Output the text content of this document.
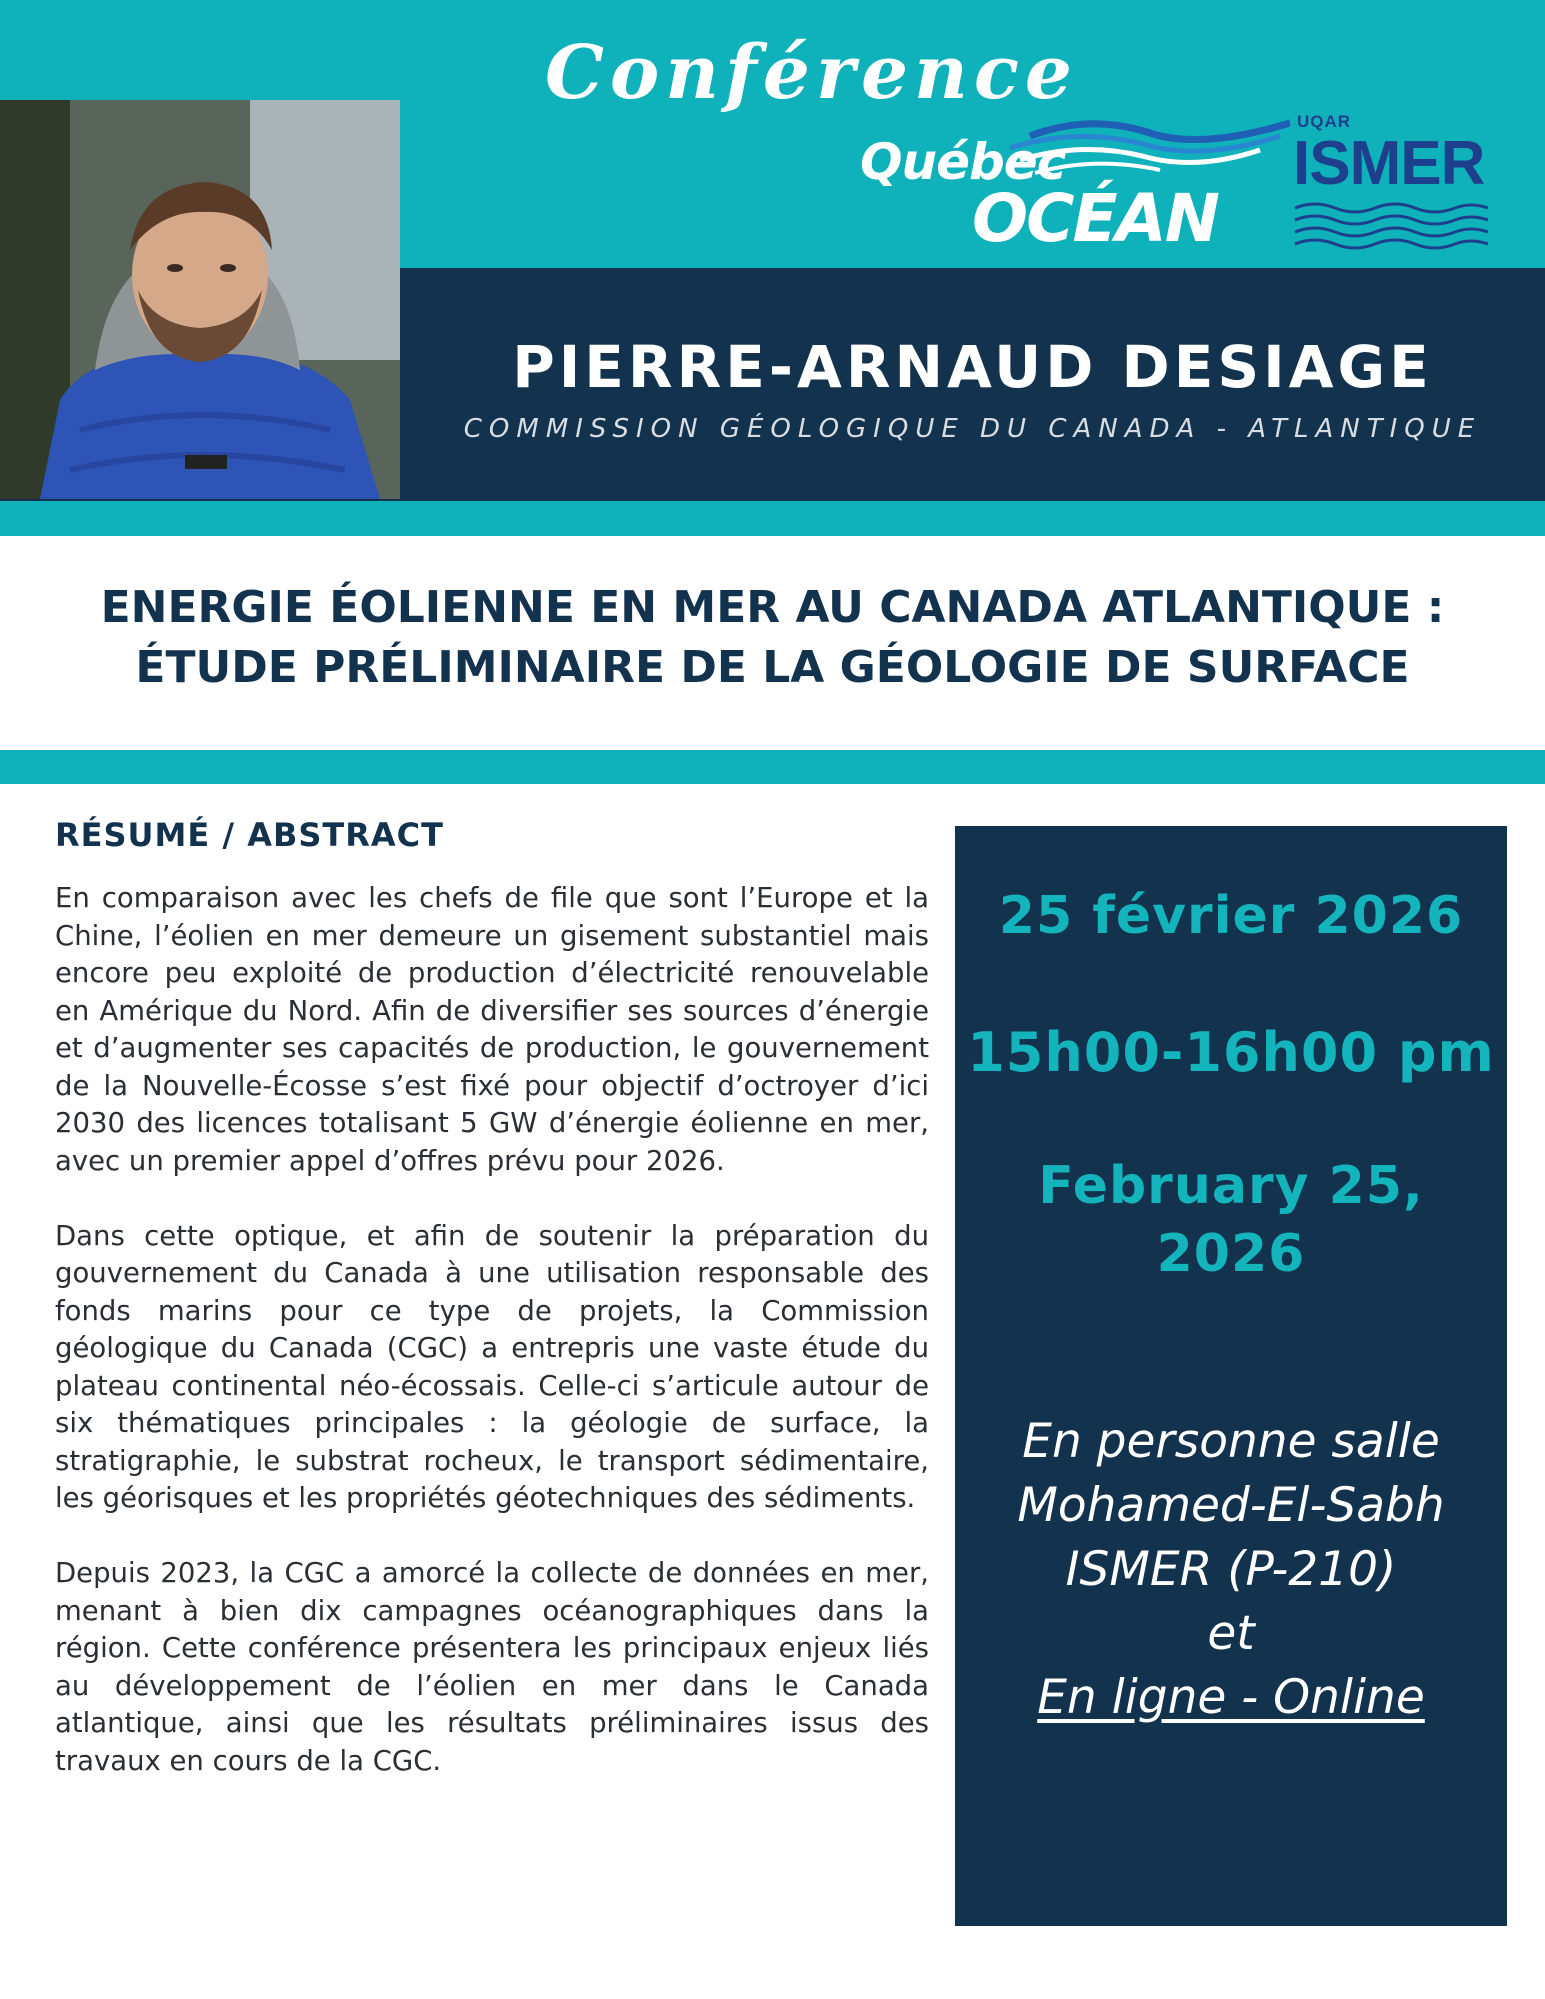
Conférence
Québec
OCÉAN
UQAR
ISMER
PIERRE-ARNAUD DESIAGE
COMMISSION GÉOLOGIQUE DU CANADA - ATLANTIQUE
ENERGIE ÉOLIENNE EN MER AU CANADA ATLANTIQUE :
ÉTUDE PRÉLIMINAIRE DE LA GÉOLOGIE DE SURFACE
RÉSUMÉ / ABSTRACT

En comparaison avec les chefs de file que sont l’Europe et la Chine, l’éolien en mer demeure un gisement substantiel mais encore peu exploité de production d’électricité renouvelable en Amérique du Nord. Afin de diversifier ses sources d’énergie et d’augmenter ses capacités de production, le gouvernement de la Nouvelle-Écosse s’est fixé pour objectif d’octroyer d’ici 2030 des licences totalisant 5 GW d’énergie éolienne en mer, avec un premier appel d’offres prévu pour 2026.

Dans cette optique, et afin de soutenir la préparation du gouvernement du Canada à une utilisation responsable des fonds marins pour ce type de projets, la Commission géologique du Canada (CGC) a entrepris une vaste étude du plateau continental néo-écossais. Celle-ci s’articule autour de six thématiques principales : la géologie de surface, la stratigraphie, le substrat rocheux, le transport sédimentaire, les géorisques et les propriétés géotechniques des sédiments.

Depuis 2023, la CGC a amorcé la collecte de données en mer, menant à bien dix campagnes océanographiques dans la région. Cette conférence présentera les principaux enjeux liés au développement de l’éolien en mer dans le Canada atlantique, ainsi que les résultats préliminaires issus des travaux en cours de la CGC.

25 février 2026
15h00-16h00 pm
February 25,
2026
En personne salle
Mohamed-El-Sabh
ISMER (P-210)
et
En ligne - Online
